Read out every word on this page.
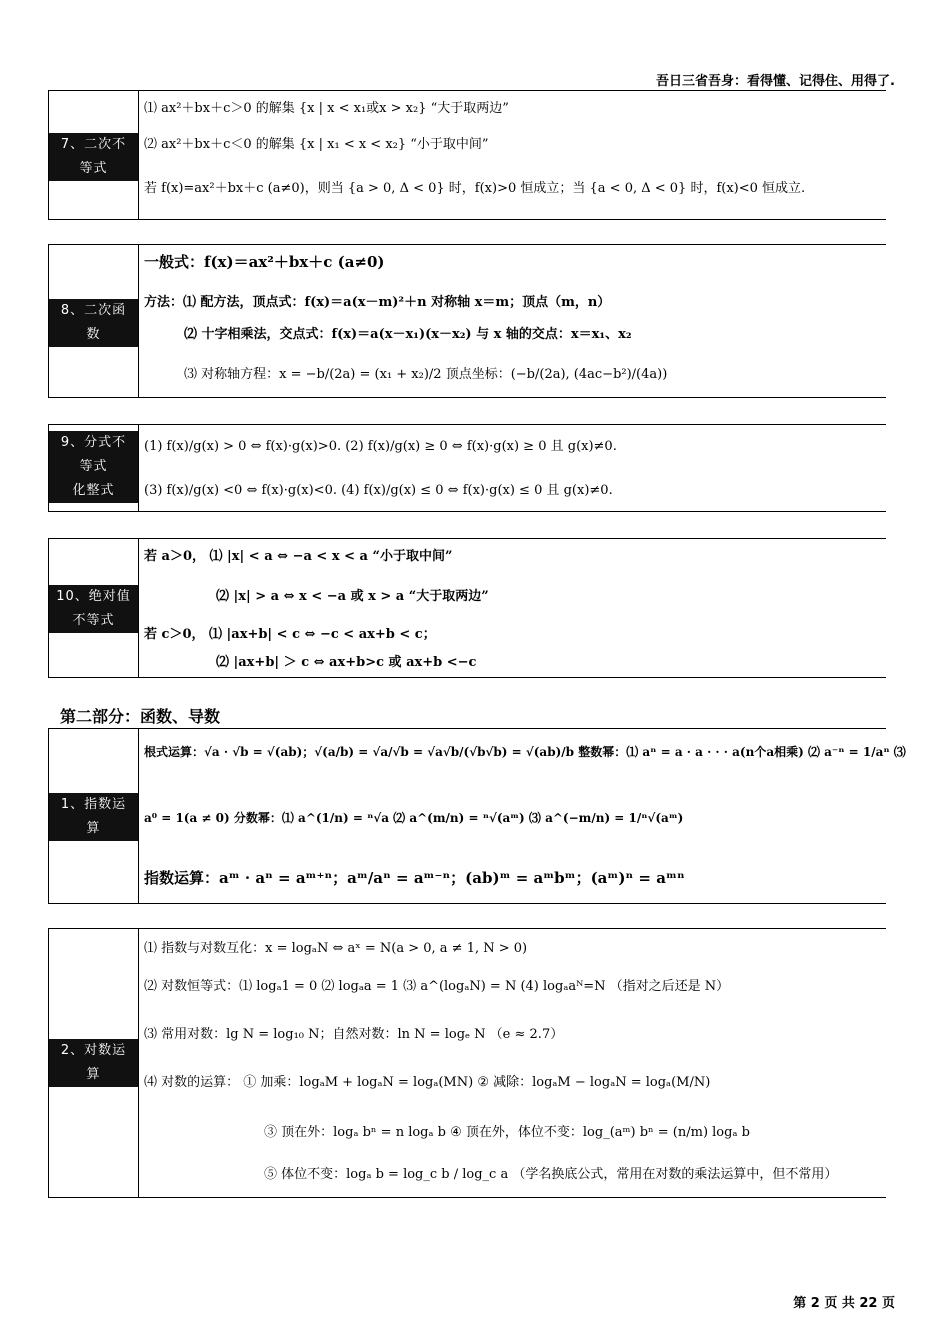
吾日三省吾身：看得懂、记得住、用得了.
7、二次不
等式
⑴ ax²＋bx＋c＞0 的解集 {x | x < x₁或x > x₂} “大于取两边”
⑵ ax²＋bx＋c＜0 的解集 {x | x₁ < x < x₂} “小于取中间”
若 f(x)=ax²＋bx＋c (a≠0)，则当 {a > 0, Δ < 0} 时，f(x)>0 恒成立；当 {a < 0, Δ < 0} 时，f(x)<0 恒成立.
8、二次函
数
一般式：f(x)＝ax²＋bx＋c (a≠0)
方法：⑴ 配方法，顶点式：f(x)＝a(x－m)²＋n 对称轴 x＝m；顶点（m，n）
⑵ 十字相乘法，交点式：f(x)＝a(x－x₁)(x－x₂) 与 x 轴的交点：x＝x₁、x₂
⑶ 对称轴方程：x = −b/(2a) = (x₁ + x₂)/2 顶点坐标：(−b/(2a), (4ac−b²)/(4a))
9、分式不
等式
化整式
(1) f(x)/g(x) > 0 ⇔ f(x)·g(x)>0. (2) f(x)/g(x) ≥ 0 ⇔ f(x)·g(x) ≥ 0 且 g(x)≠0.
(3) f(x)/g(x) <0 ⇔ f(x)·g(x)<0. (4) f(x)/g(x) ≤ 0 ⇔ f(x)·g(x) ≤ 0 且 g(x)≠0.
10、绝对值
不等式
若 a＞0， ⑴ |x| < a ⇔ −a < x < a “小于取中间”
⑵ |x| > a ⇔ x < −a 或 x > a “大于取两边”
若 c＞0， ⑴ |ax+b| < c ⇔ −c < ax+b < c；
⑵ |ax+b| ＞ c ⇔ ax+b>c 或 ax+b <−c
第二部分：函数、导数
1、指数运
算
根式运算：√a · √b = √(ab)；√(a/b) = √a/√b = √a√b/(√b√b) = √(ab)/b 整数幂：⑴ aⁿ = a · a · · · a(n个a相乘) ⑵ a⁻ⁿ = 1/aⁿ ⑶
a⁰ = 1(a ≠ 0) 分数幂：⑴ a^(1/n) = ⁿ√a ⑵ a^(m/n) = ⁿ√(aᵐ) ⑶ a^(−m/n) = 1/ⁿ√(aᵐ)
指数运算：aᵐ · aⁿ = aᵐ⁺ⁿ；aᵐ/aⁿ = aᵐ⁻ⁿ；(ab)ᵐ = aᵐbᵐ；(aᵐ)ⁿ = aᵐⁿ
2、对数运
算
⑴ 指数与对数互化：x = logₐN ⇔ aˣ = N(a > 0, a ≠ 1, N > 0)
⑵ 对数恒等式：⑴ logₐ1 = 0 ⑵ logₐa = 1 ⑶ a^(logₐN) = N (4) logₐaᴺ=N （指对之后还是 N）
⑶ 常用对数：lg N = log₁₀ N；自然对数：ln N = logₑ N （e ≈ 2.7）
⑷ 对数的运算： ① 加乘：logₐM + logₐN = logₐ(MN) ② 减除：logₐM − logₐN = logₐ(M/N)
③ 顶在外：logₐ bⁿ = n logₐ b ④ 顶在外，体位不变：log_(aᵐ) bⁿ = (n/m) logₐ b
⑤ 体位不变：logₐ b = log_c b / log_c a （学名换底公式，常用在对数的乘法运算中，但不常用）
第 2 页 共 22 页
